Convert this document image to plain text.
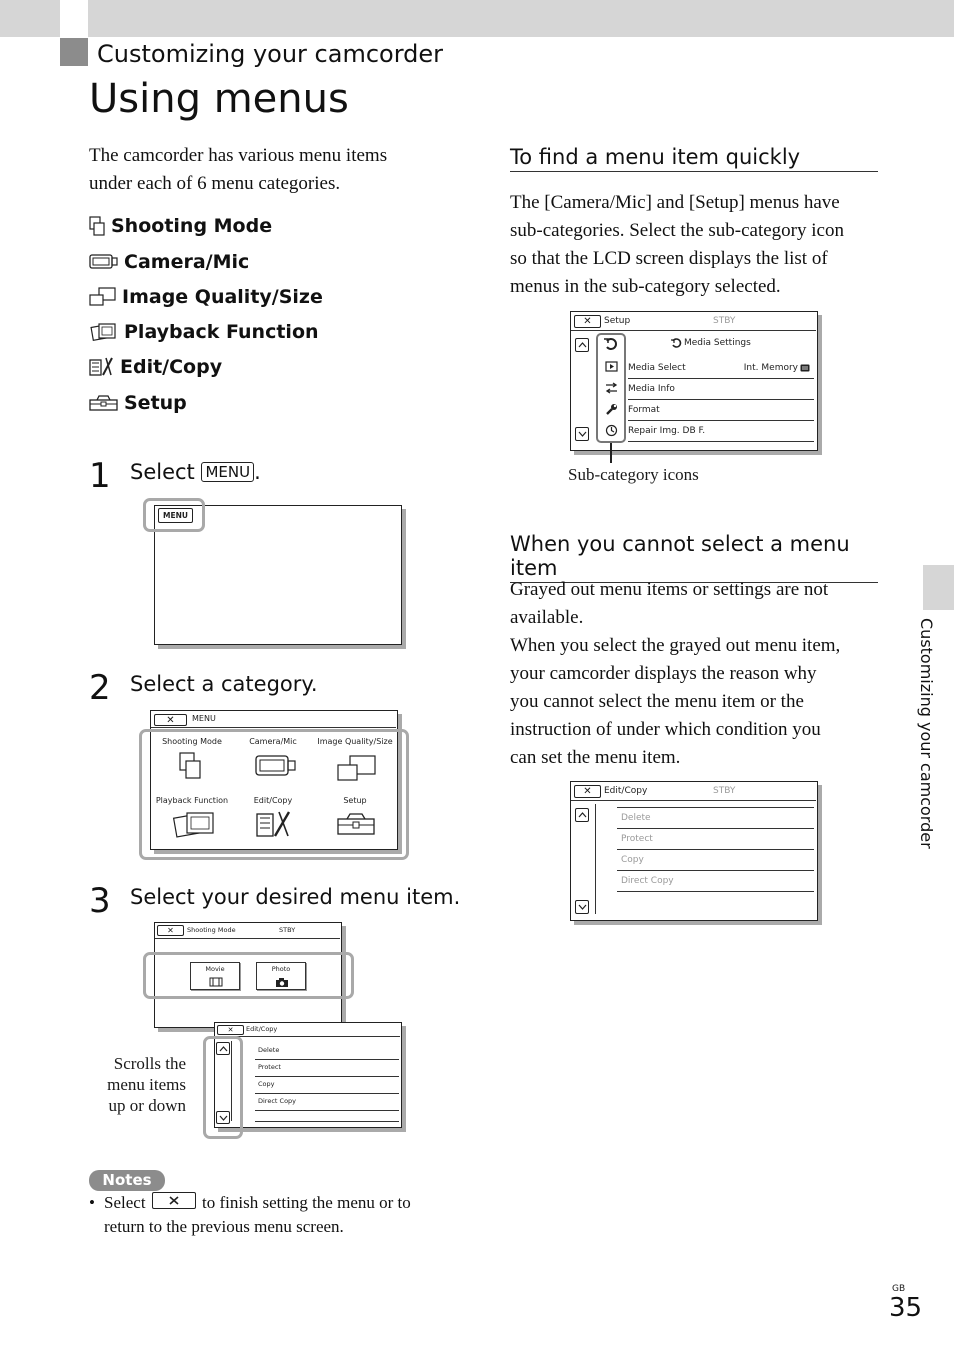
Customizing your camcorder
Using menus
The camcorder has various menu items
under each of 6 menu categories.
Shooting Mode
Camera/Mic
Image Quality/Size
Playback Function
Edit/Copy
Setup
1 Select MENU .
MENU
2 Select a category.
✕	MENU
Shooting Mode	Camera/Mic	Image Quality/Size
Playback Function	Edit/Copy	Setup
3 Select your desired menu item.
✕	Shooting Mode	STBY
Movie	Photo
✕	Edit/Copy
Delete
Protect
Copy
Direct Copy
Scrolls the
menu items
up or down
Notes
• Select	to finish setting the menu or to
return to the previous menu screen.
To find a menu item quickly
The [Camera/Mic] and [Setup] menus have
sub-categories. Select the sub-category icon
so that the LCD screen displays the list of
menus in the sub-category selected.
✕	Setup	STBY
Media Settings
Media Select	Int. Memory
Media Info
Format
Repair Img. DB F.
Sub-category icons
When you cannot select a menu item
Grayed out menu items or settings are not
available.
When you select the grayed out menu item,
your camcorder displays the reason why
you cannot select the menu item or the
instruction of under which condition you
can set the menu item.
✕	Edit/Copy	STBY
Delete
Protect
Copy
Direct Copy
Customizing your camcorder
GB
35
